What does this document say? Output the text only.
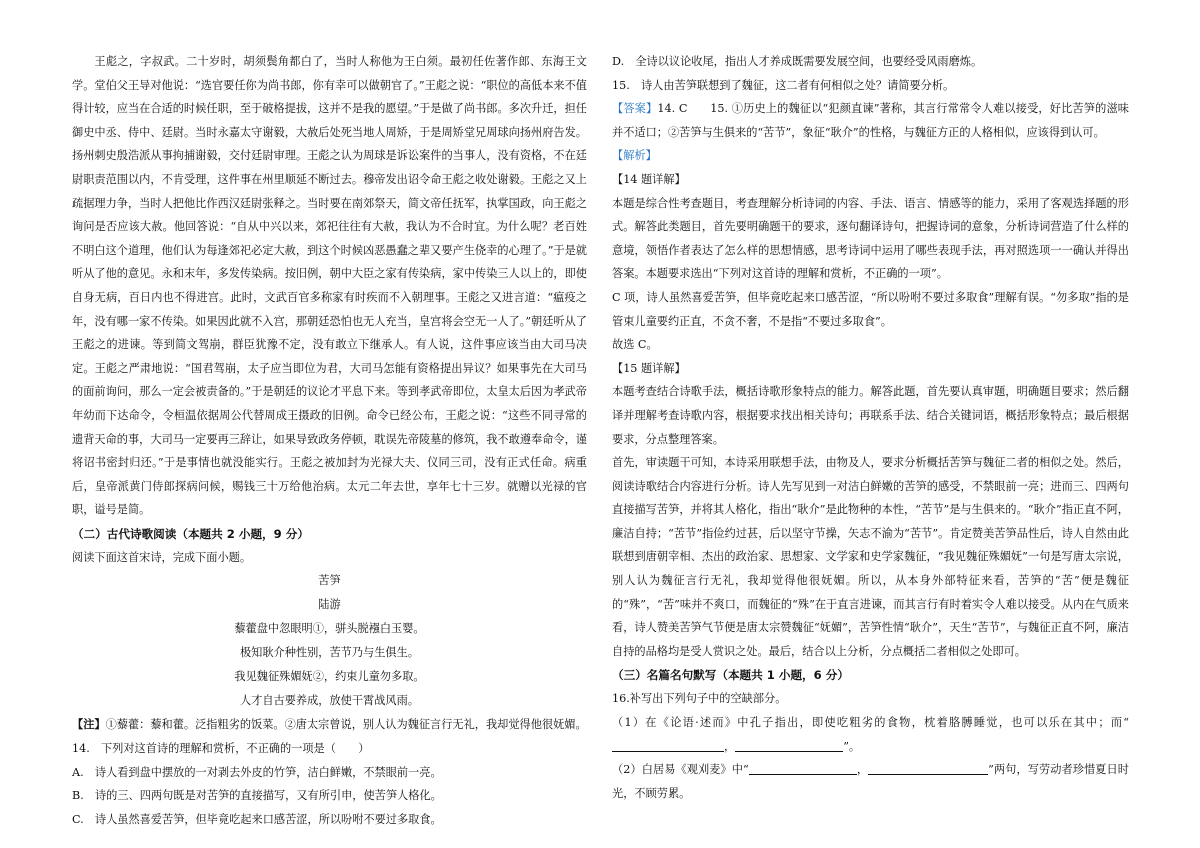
王彪之，字叔武。二十岁时，胡须鬓角都白了，当时人称他为王白须。最初任佐著作郎、东海王文学。堂伯父王导对他说：“选官要任你为尚书郎，你有幸可以做朝官了。”王彪之说：“职位的高低本来不值得计较，应当在合适的时候任职，至于破格提拔，这并不是我的愿望。”于是做了尚书郎。多次升迁，担任御史中丞、侍中、廷尉。当时永嘉太守谢毅，大赦后处死当地人周矫，于是周矫堂兄周球向扬州府告发。扬州刺史殷浩派从事拘捕谢毅，交付廷尉审理。王彪之认为周球是诉讼案件的当事人，没有资格，不在廷尉职责范围以内，不肯受理，这件事在州里顺延不断过去。穆帝发出诏令命王彪之收处谢毅。王彪之又上疏据理力争，当时人把他比作西汉廷尉张释之。当时要在南郊祭天，简文帝任抚军，执掌国政，向王彪之询问是否应该大赦。他回答说：“自从中兴以来，郊祀往往有大赦，我认为不合时宜。为什么呢？老百姓不明白这个道理，他们认为每逢郊祀必定大赦，到这个时候凶恶愚蠢之辈又要产生侥幸的心理了。”于是就听从了他的意见。永和末年，多发传染病。按旧例，朝中大臣之家有传染病，家中传染三人以上的，即使自身无病，百日内也不得进宫。此时，文武百官多称家有时疾而不入朝理事。王彪之又进言道：“瘟疫之年，没有哪一家不传染。如果因此就不入宫，那朝廷恐怕也无人充当，皇宫将会空无一人了。”朝廷听从了王彪之的进谏。等到简文驾崩，群臣犹豫不定，没有敢立下继承人。有人说，这件事应该当由大司马决定。王彪之严肃地说：“国君驾崩，太子应当即位为君，大司马怎能有资格提出异议？如果事先在大司马的面前询问，那么一定会被责备的。”于是朝廷的议论才平息下来。等到孝武帝即位，太皇太后因为孝武帝年幼而下达命令，令桓温依据周公代替周成王摄政的旧例。命令已经公布，王彪之说：“这些不同寻常的遗背天命的事，大司马一定要再三辞让，如果导致政务停顿，耽误先帝陵墓的修筑，我不敢遵奉命令，谨将诏书密封归还。”于是事情也就没能实行。王彪之被加封为光禄大夫、仪同三司，没有正式任命。病重后，皇帝派黄门侍郎探病问候，赐钱三十万给他治病。太元二年去世，享年七十三岁。就赠以光禄的官职，谥号是简。

（二）古代诗歌阅读（本题共 2 小题，9 分）

阅读下面这首宋诗，完成下面小题。

苦笋

陆游

藜藿盘中忽眼明①，骈头脱襁白玉婴。

极知耿介种性别，苦节乃与生俱生。

我见魏征殊媚妩②，约束儿童勿多取。

人才自古要养成，放使干霄战风雨。

【注】①藜藿：藜和藿。泛指粗劣的饭菜。②唐太宗曾说，别人认为魏征言行无礼，我却觉得他很妩媚。

14.　下列对这首诗的理解和赏析，不正确的一项是（　　）

A.　诗人看到盘中摆放的一对剥去外皮的竹笋，洁白鲜嫩，不禁眼前一亮。

B.　诗的三、四两句既是对苦笋的直接描写，又有所引申，使苦笋人格化。

C.　诗人虽然喜爱苦笋，但毕竟吃起来口感苦涩，所以吩咐不要过多取食。

D.　全诗以议论收尾，指出人才养成既需要发展空间，也要经受风雨磨炼。

15.　诗人由苦笋联想到了魏征，这二者有何相似之处？请简要分析。

【答案】14. C　　15. ①历史上的魏征以“犯颜直谏”著称，其言行常常令人难以接受，好比苦笋的滋味并不适口；②苦笋与生俱来的“苦节”，象征“耿介”的性格，与魏征方正的人格相似，应该得到认可。

【解析】

【14 题详解】

本题是综合性考查题目，考查理解分析诗词的内容、手法、语言、情感等的能力，采用了客观选择题的形式。解答此类题目，首先要明确题干的要求，逐句翻译诗句，把握诗词的意象，分析诗词营造了什么样的意境，领悟作者表达了怎么样的思想情感，思考诗词中运用了哪些表现手法，再对照选项一一确认并得出答案。本题要求选出“下列对这首诗的理解和赏析，不正确的一项”。

C 项，诗人虽然喜爱苦笋，但毕竟吃起来口感苦涩，“所以吩咐不要过多取食”理解有误。“勿多取”指的是管束儿童要约正直，不贪不奢，不是指“不要过多取食”。

故选 C。

【15 题详解】

本题考查结合诗歌手法，概括诗歌形象特点的能力。解答此题，首先要认真审题，明确题目要求；然后翻译并理解考查诗歌内容，根据要求找出相关诗句；再联系手法、结合关键词语，概括形象特点；最后根据要求，分点整理答案。

首先，审读题干可知，本诗采用联想手法，由物及人，要求分析概括苦笋与魏征二者的相似之处。然后，阅读诗歌结合内容进行分析。诗人先写见到一对洁白鲜嫩的苦笋的感受，不禁眼前一亮；进而三、四两句直接描写苦笋，并将其人格化，指出“耿介”是此物种的本性，“苦节”是与生俱来的。“耿介”指正直不阿，廉洁自持；“苦节”指俭约过甚，后以坚守节操，矢志不渝为“苦节”。肯定赞美苦笋品性后，诗人自然由此联想到唐朝宰相、杰出的政治家、思想家、文学家和史学家魏征，“我见魏征殊媚妩”一句是写唐太宗说，别人认为魏征言行无礼，我却觉得他很妩媚。所以，从本身外部特征来看，苦笋的“苦”便是魏征的“殊”，“苦”味并不爽口，而魏征的“殊”在于直言进谏，而其言行有时着实令人难以接受。从内在气质来看，诗人赞美苦笋气节便是唐太宗赞魏征“妩媚”，苦笋性情“耿介”，天生“苦节”，与魏征正直不阿，廉洁自持的品格均是受人赏识之处。最后，结合以上分析，分点概括二者相似之处即可。

（三）名篇名句默写（本题共 1 小题，6 分）

16.补写出下列句子中的空缺部分。

（1）在《论语·述而》中孔子指出，即使吃粗劣的食物，枕着胳膊睡觉，也可以乐在其中；而“，	”。

（2）白居易《观刈麦》中“	，	”两句，写劳动者珍惜夏日时光，不顾劳累。
